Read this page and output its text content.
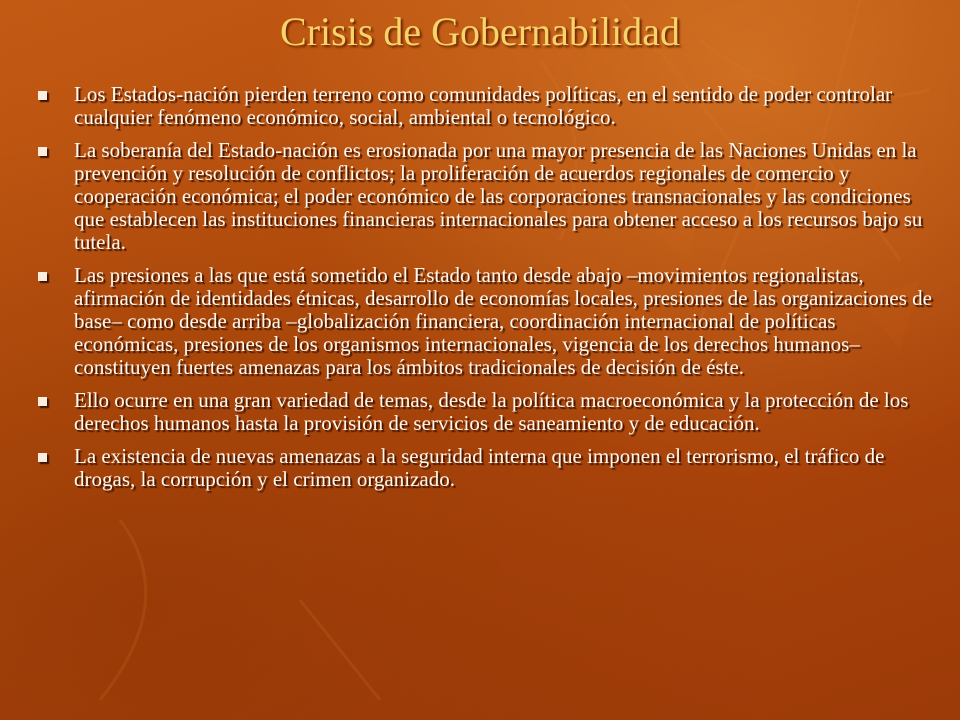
Crisis de Gobernabilidad
Los Estados-nación pierden terreno como comunidades políticas, en el sentido de poder controlar cualquier fenómeno económico, social, ambiental o tecnológico.
La soberanía del Estado-nación es erosionada por una mayor presencia de las Naciones Unidas en la prevención y resolución de conflictos; la proliferación de acuerdos regionales de comercio y cooperación económica; el poder económico de las corporaciones transnacionales y las condiciones que establecen las instituciones financieras internacionales para obtener acceso a los recursos bajo su tutela.
Las presiones a las que está sometido el Estado tanto desde abajo –movimientos regionalistas, afirmación de identidades étnicas, desarrollo de economías locales, presiones de las organizaciones de base– como desde arriba –globalización financiera, coordinación internacional de políticas económicas, presiones de los organismos internacionales, vigencia de los derechos humanos– constituyen fuertes amenazas para los ámbitos tradicionales de decisión de éste.
Ello ocurre en una gran variedad de temas, desde la política macroeconómica y la protección de los derechos humanos hasta la provisión de servicios de saneamiento y de educación.
La existencia de nuevas amenazas a la seguridad interna que imponen el terrorismo, el tráfico de drogas, la corrupción y el crimen organizado.
